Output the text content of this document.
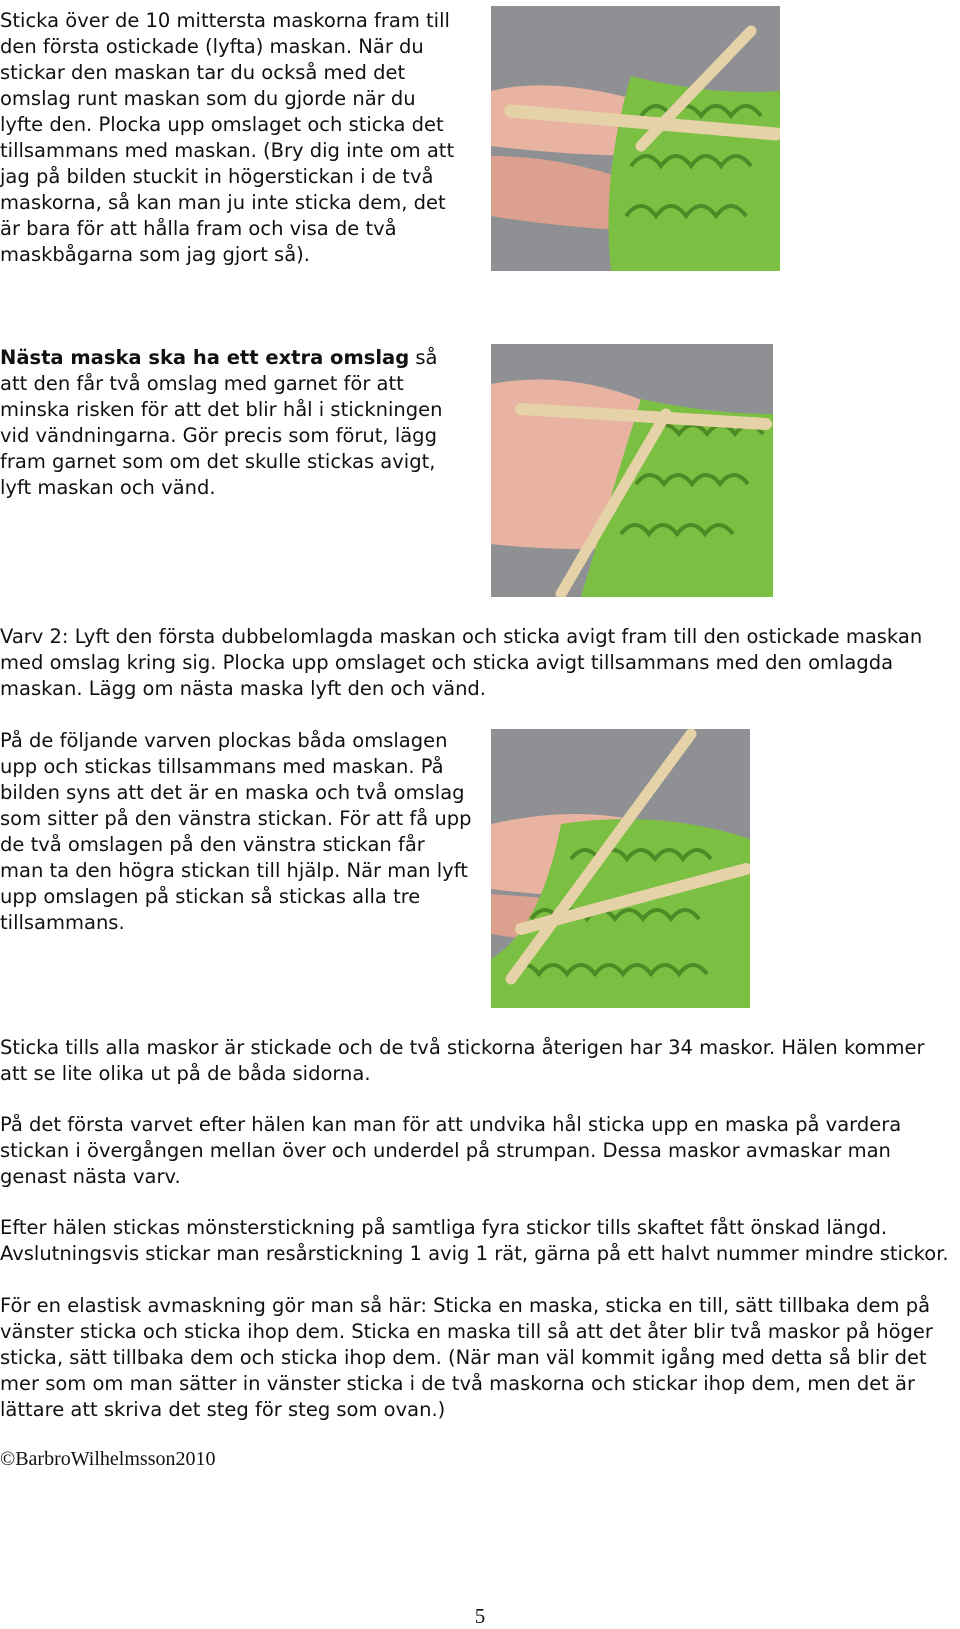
Sticka över de 10 mittersta maskorna fram till den första ostickade (lyfta) maskan. När du stickar den maskan tar du också med det omslag runt maskan som du gjorde när du lyfte den. Plocka upp omslaget och sticka det tillsammans med maskan. (Bry dig inte om att jag på bilden stuckit in högerstickan i de två maskorna, så kan man ju inte sticka dem, det är bara för att hålla fram och visa de två maskbågarna som jag gjort så).

Nästa maska ska ha ett extra omslag så att den får två omslag med garnet för att minska risken för att det blir hål i stickningen vid vändningarna. Gör precis som förut, lägg fram garnet som om det skulle stickas avigt, lyft maskan och vänd.

Varv 2: Lyft den första dubbelomlagda maskan och sticka avigt fram till den ostickade maskan med omslag kring sig. Plocka upp omslaget och sticka avigt tillsammans med den omlagda maskan. Lägg om nästa maska lyft den och vänd.

På de följande varven plockas båda omslagen upp och stickas tillsammans med maskan. På bilden syns att det är en maska och två omslag som sitter på den vänstra stickan. För att få upp de två omslagen på den vänstra stickan får man ta den högra stickan till hjälp. När man lyft upp omslagen på stickan så stickas alla tre tillsammans.

Sticka tills alla maskor är stickade och de två stickorna återigen har 34 maskor. Hälen kommer att se lite olika ut på de båda sidorna.

På det första varvet efter hälen kan man för att undvika hål sticka upp en maska på vardera stickan i övergången mellan över och underdel på strumpan. Dessa maskor avmaskar man genast nästa varv.

Efter hälen stickas mönsterstickning på samtliga fyra stickor tills skaftet fått önskad längd. Avslutningsvis stickar man resårstickning 1 avig 1 rät, gärna på ett halvt nummer mindre stickor.

För en elastisk avmaskning gör man så här: Sticka en maska, sticka en till, sätt tillbaka dem på vänster sticka och sticka ihop dem. Sticka en maska till så att det åter blir två maskor på höger sticka, sätt tillbaka dem och sticka ihop dem. (När man väl kommit igång med detta så blir det mer som om man sätter in vänster sticka i de två maskorna och stickar ihop dem, men det är lättare att skriva det steg för steg som ovan.)

©BarbroWilhelmsson2010
5
